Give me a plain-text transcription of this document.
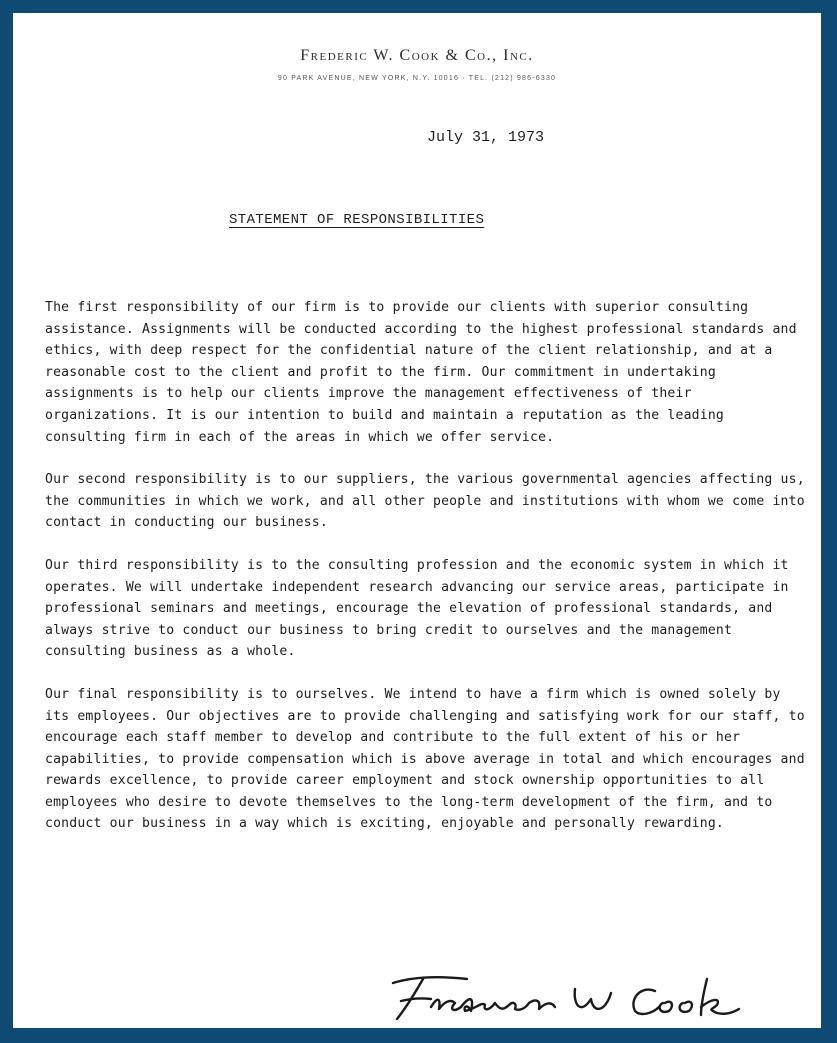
Frederic W. Cook & Co., Inc.
90 PARK AVENUE, NEW YORK, N.Y. 10016 · TEL. (212) 986-6330
July 31, 1973
STATEMENT OF RESPONSIBILITIES

The first responsibility of our firm is to provide our clients with superior consulting assistance. Assignments will be conducted according to the highest professional standards and ethics, with deep respect for the confidential nature of the client relationship, and at a reasonable cost to the client and profit to the firm. Our commitment in undertaking assignments is to help our clients improve the management effectiveness of their organizations. It is our intention to build and maintain a reputation as the leading consulting firm in each of the areas in which we offer service.

Our second responsibility is to our suppliers, the various governmental agencies affecting us, the communities in which we work, and all other people and institutions with whom we come into contact in conducting our business.

Our third responsibility is to the consulting profession and the economic system in which it operates. We will undertake independent research advancing our service areas, participate in professional seminars and meetings, encourage the elevation of professional standards, and always strive to conduct our business to bring credit to ourselves and the management consulting business as a whole.

Our final responsibility is to ourselves. We intend to have a firm which is owned solely by its employees. Our objectives are to provide challenging and satisfying work for our staff, to encourage each staff member to develop and contribute to the full extent of his or her capabilities, to provide compensation which is above average in total and which encourages and rewards excellence, to provide career employment and stock ownership opportunities to all employees who desire to devote themselves to the long-term development of the firm, and to conduct our business in a way which is exciting, enjoyable and personally rewarding.
